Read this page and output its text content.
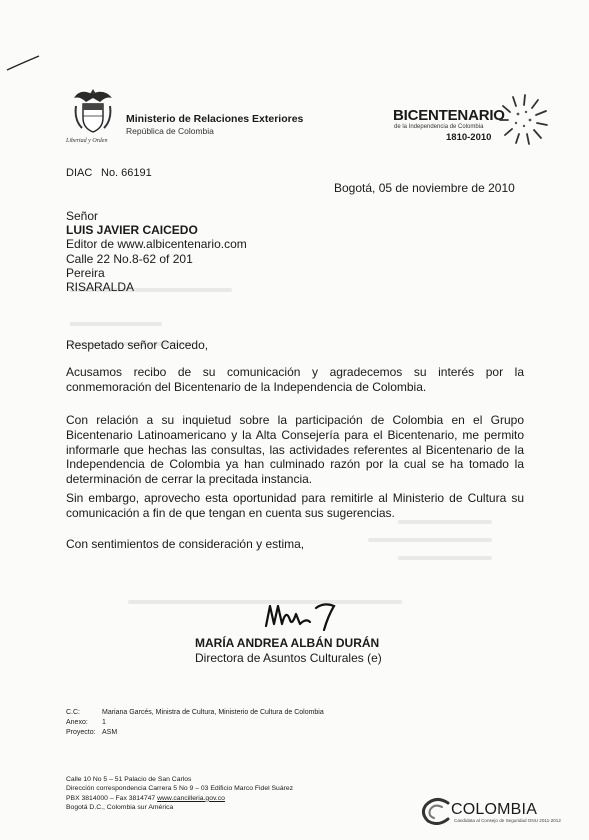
Libertad y Orden
Ministerio de Relaciones Exteriores
República de Colombia
BICENTENARIO
de la Independencia de Colombia
1810-2010
DIAC No. 66191
Bogotá, 05 de noviembre de 2010
Señor
LUIS JAVIER CAICEDO
Editor de www.albicentenario.com
Calle 22 No.8-62 of 201
Pereira
RISARALDA
Respetado señor Caicedo,
Acusamos recibo de su comunicación y agradecemos su interés por la conmemoración del Bicentenario de la Independencia de Colombia.
Con relación a su inquietud sobre la participación de Colombia en el Grupo Bicentenario Latinoamericano y la Alta Consejería para el Bicentenario, me permito informarle que hechas las consultas, las actividades referentes al Bicentenario de la Independencia de Colombia ya han culminado razón por la cual se ha tomado la determinación de cerrar la precitada instancia.
Sin embargo, aprovecho esta oportunidad para remitirle al Ministerio de Cultura su comunicación a fin de que tengan en cuenta sus sugerencias.
Con sentimientos de consideración y estima,
MARÍA ANDREA ALBÁN DURÁN
Directora de Asuntos Culturales (e)
C.C:	Mariana Garcés, Ministra de Cultura, Ministerio de Cultura de Colombia
Anexo:	1
Proyecto: ASM
Calle 10 No 5 – 51 Palacio de San Carlos
Dirección correspondencia Carrera 5 No 9 – 03 Edificio Marco Fidel Suárez
PBX 3814000 – Fax 3814747 www.cancilleria.gov.co
Bogotá D.C., Colombia sur América	COLOMBIA
Candidata al Consejo de Seguridad ONU 2011-2012
